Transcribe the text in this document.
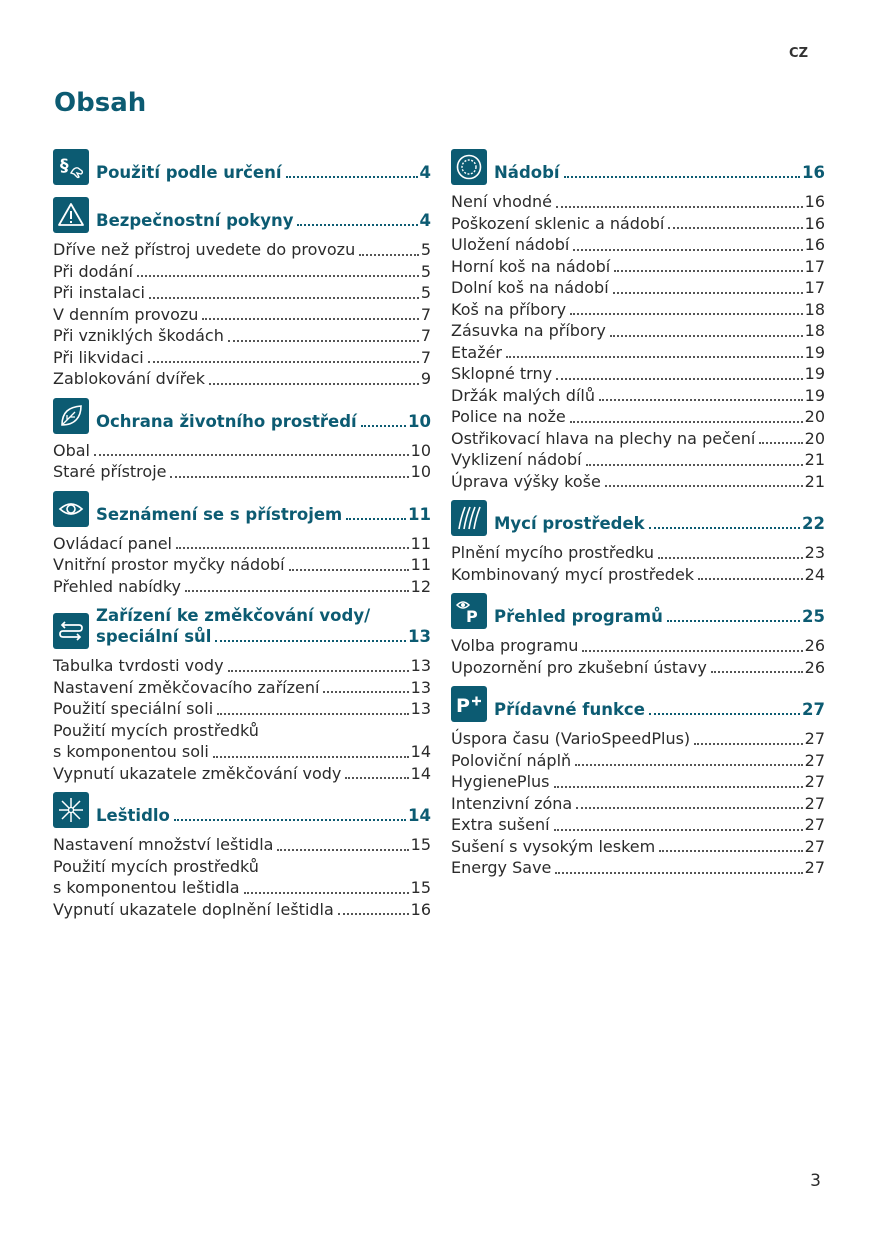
CZ
Obsah
§ Použití podle určení	4
Bezpečnostní pokyny	4
Dříve než přístroj uvedete do provozu	5
Při dodání	5
Při instalaci	5
V denním provozu	7
Při vzniklých škodách	7
Při likvidaci	7
Zablokování dvířek	9
Ochrana životního prostředí	10
Obal	10
Staré přístroje	10
Seznámení se s přístrojem	11
Ovládací panel	11
Vnitřní prostor myčky nádobí	11
Přehled nabídky	12
Zařízení ke změkčování vody/
speciální sůl	13
Tabulka tvrdosti vody	13
Nastavení změkčovacího zařízení	13
Použití speciální soli	13
Použití mycích prostředků
s komponentou soli	14
Vypnutí ukazatele změkčování vody	14
Leštidlo	14
Nastavení množství leštidla	15
Použití mycích prostředků
s komponentou leštidla	15
Vypnutí ukazatele doplnění leštidla	16
Nádobí	16
Není vhodné	16
Poškození sklenic a nádobí	16
Uložení nádobí	16
Horní koš na nádobí	17
Dolní koš na nádobí	17
Koš na příbory	18
Zásuvka na příbory	18
Etažér	19
Sklopné trny	19
Držák malých dílů	19
Police na nože	20
Ostřikovací hlava na plechy na pečení	20
Vyklizení nádobí	21
Úprava výšky koše	21
Mycí prostředek	22
Plnění mycího prostředku	23
Kombinovaný mycí prostředek	24
P Přehled programů	25
Volba programu	26
Upozornění pro zkušební ústavy	26
P Přídavné funkce	27
Úspora času (VarioSpeedPlus)	27
Poloviční náplň	27
HygienePlus	27
Intenzivní zóna	27
Extra sušení	27
Sušení s vysokým leskem	27
Energy Save	27
3
